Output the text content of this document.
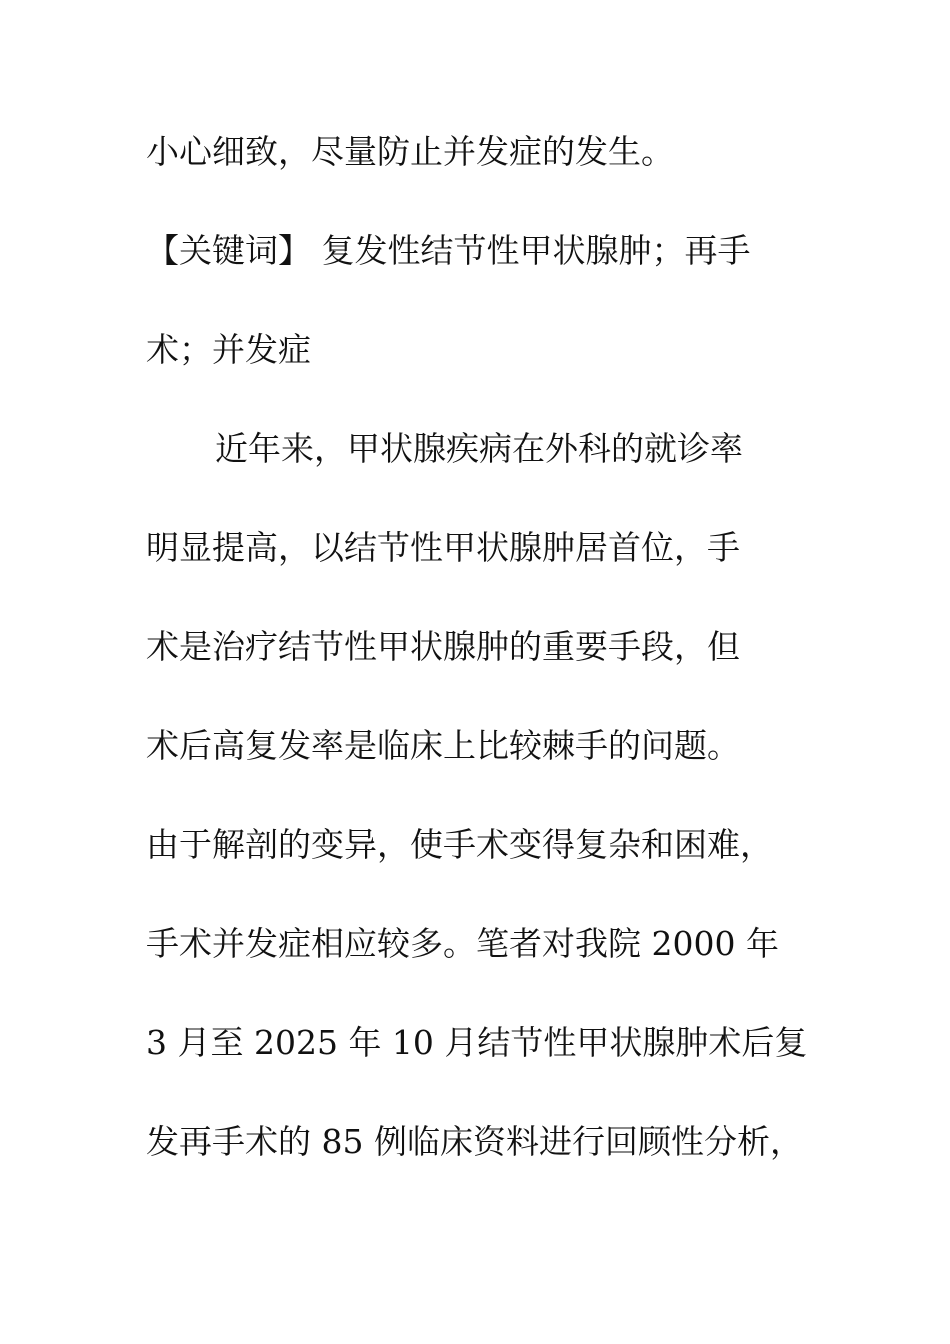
小心细致，尽量防止并发症的发生。
【关键词】 复发性结节性甲状腺肿；再手
术；并发症
近年来，甲状腺疾病在外科的就诊率
明显提高，以结节性甲状腺肿居首位，手
术是治疗结节性甲状腺肿的重要手段，但
术后高复发率是临床上比较棘手的问题。
由于解剖的变异，使手术变得复杂和困难，
手术并发症相应较多。笔者对我院 2000 年
3 月至 2025 年 10 月结节性甲状腺肿术后复
发再手术的 85 例临床资料进行回顾性分析，
